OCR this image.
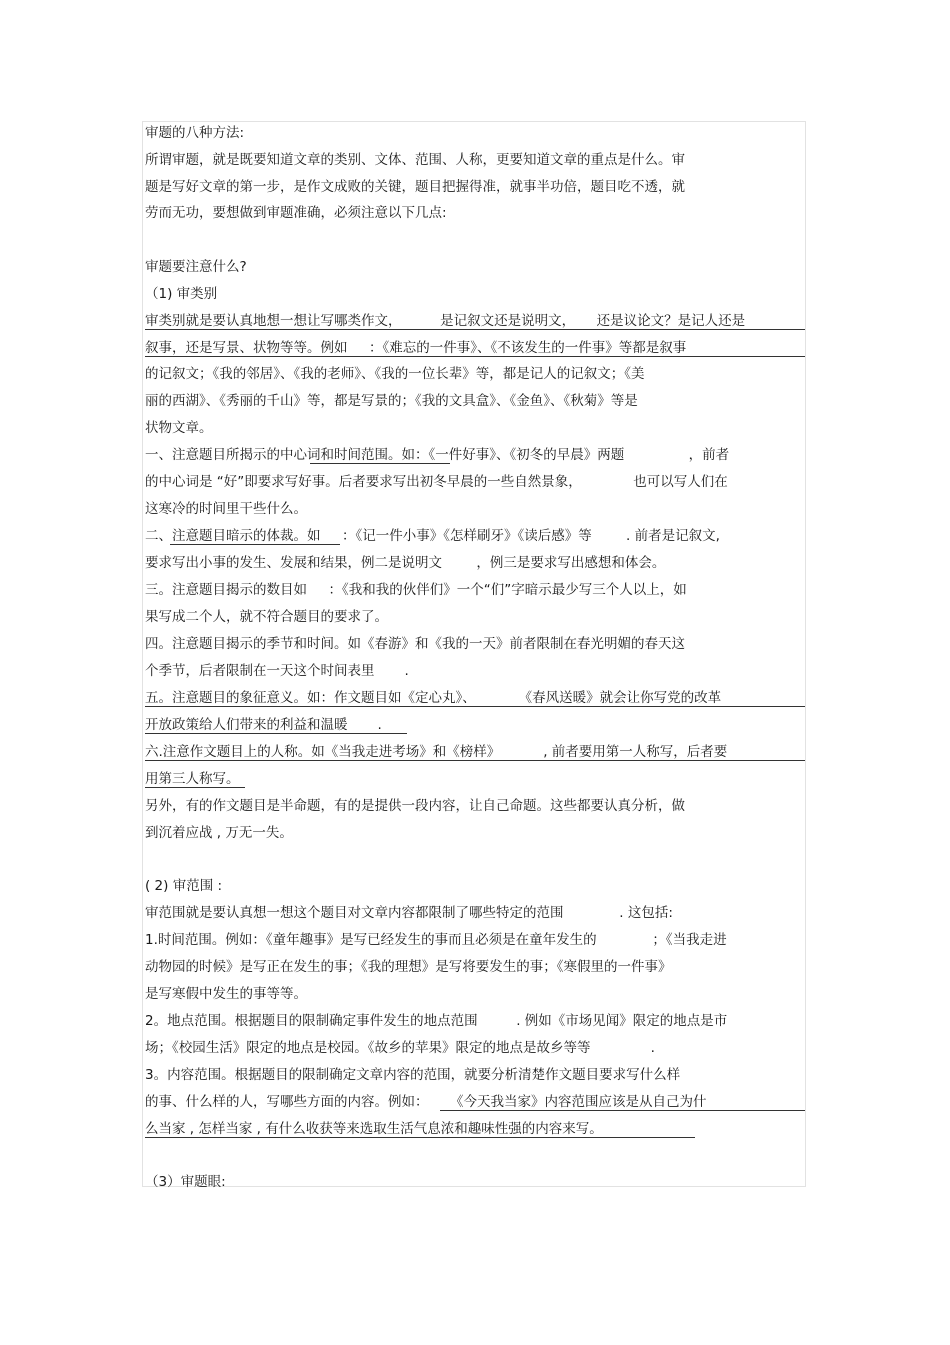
审题的八种方法:
所谓审题，就是既要知道文章的类别、文体、范围、人称，更要知道文章的重点是什么。审
题是写好文章的第一步，是作文成败的关键，题目把握得准，就事半功倍，题目吃不透，就
劳而无功，要想做到审题准确，必须注意以下几点:
审题要注意什么?
（1) 审类别
审类别就是要认真地想一想让写哪类作文，         是记叙文还是说明文，     还是议论文？是记人还是
叙事，还是写景、状物等等。例如     ：《难忘的一件事》、《不该发生的一件事》等都是叙事
的记叙文；《我的邻居》、《我的老师》、《我的一位长辈》等，都是记人的记叙文；《美
丽的西湖》、《秀丽的千山》等，都是写景的；《我的文具盒》、《金鱼》、《秋菊》等是
状物文章。
一、注意题目所揭示的中心词和时间范围。如：《一件好事》、《初冬的早晨》两题               ，前者
的中心词是 “好”即要求写好事。后者要求写出初冬早晨的一些自然景象，            也可以写人们在
这寒冷的时间里干些什么。
二、注意题目暗示的体裁。如     ：《记一件小事》《怎样刷牙》《读后感》等        . 前者是记叙文,
要求写出小事的发生、发展和结果，例二是说明文        ，例三是要求写出感想和体会。
三。注意题目揭示的数目如     ：《我和我的伙伴们》一个“们”字暗示最少写三个人以上，如
果写成二个人，就不符合题目的要求了。
四。注意题目揭示的季节和时间。如《春游》和《我的一天》前者限制在春光明媚的春天这
个季节，后者限制在一天这个时间表里       .
五。注意题目的象征意义。如：作文题目如《定心丸》、          《春风送暖》就会让你写党的改革
开放政策给人们带来的利益和温暖       .
六.注意作文题目上的人称。如《当我走进考场》和《榜样》          , 前者要用第一人称写，后者要
用第三人称写。
另外，有的作文题目是半命题，有的是提供一段内容，让自己命题。这些都要认真分析，做
到沉着应战 , 万无一失。
( 2) 审范围 :
审范围就是要认真想一想这个题目对文章内容都限制了哪些特定的范围             . 这包括:
1.时间范围。例如：《童年趣事》是写已经发生的事而且必须是在童年发生的             ；《当我走进
动物园的时候》是写正在发生的事；《我的理想》是写将要发生的事；《寒假里的一件事》
是写寒假中发生的事等等。
2。地点范围。根据题目的限制确定事件发生的地点范围         . 例如《市场见闻》限定的地点是市
场；《校园生活》限定的地点是校园。《故乡的苹果》限定的地点是故乡等等              .
3。内容范围。根据题目的限制确定文章内容的范围，就要分析清楚作文题目要求写什么样
的事、什么样的人，写哪些方面的内容。例如：     《今天我当家》内容范围应该是从自己为什
么当家 , 怎样当家 , 有什么收获等来选取生活气息浓和趣味性强的内容来写。
（3）审题眼:
